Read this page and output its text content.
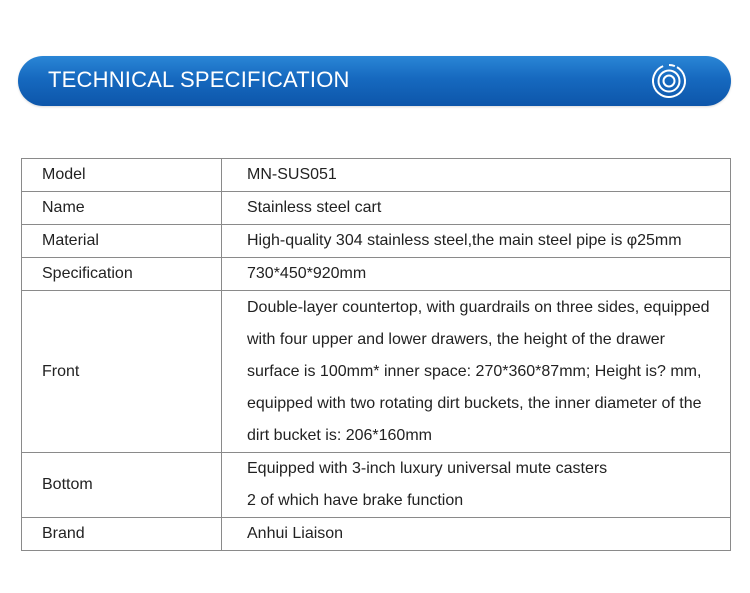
TECHNICAL SPECIFICATION
Model	MN-SUS051

Name	Stainless steel cart

Material	High-quality 304 stainless steel,the main steel pipe is φ25mm

Specification	730*450*920mm

Front	Double-layer countertop, with guardrails on three sides, equipped
with four upper and lower drawers, the height of the drawer
surface is 100mm* inner space: 270*360*87mm; Height is? mm,
equipped with two rotating dirt buckets, the inner diameter of the
dirt bucket is: 206*160mm

Bottom	Equipped with 3-inch luxury universal mute casters
2 of which have brake function

Brand	Anhui Liaison
